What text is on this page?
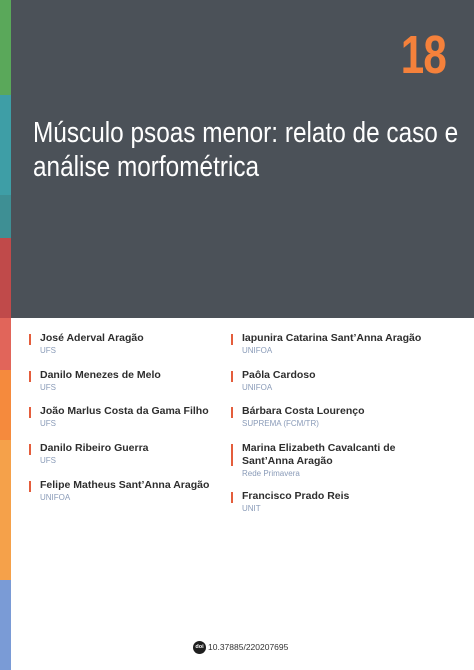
18
Músculo psoas menor: relato de caso e
análise morfométrica
José Aderval Aragão
UFS
Danilo Menezes de Melo
UFS
João Marlus Costa da Gama Filho
UFS
Danilo Ribeiro Guerra
UFS
Felipe Matheus Sant’Anna Aragão
UNIFOA
Iapunira Catarina Sant’Anna Aragão
UNIFOA
Paôla Cardoso
UNIFOA
Bárbara Costa Lourenço
SUPREMA (FCM/TR)
Marina Elizabeth Cavalcanti de
Sant’Anna Aragão
Rede Primavera
Francisco Prado Reis
UNIT
doi 10.37885/220207695
